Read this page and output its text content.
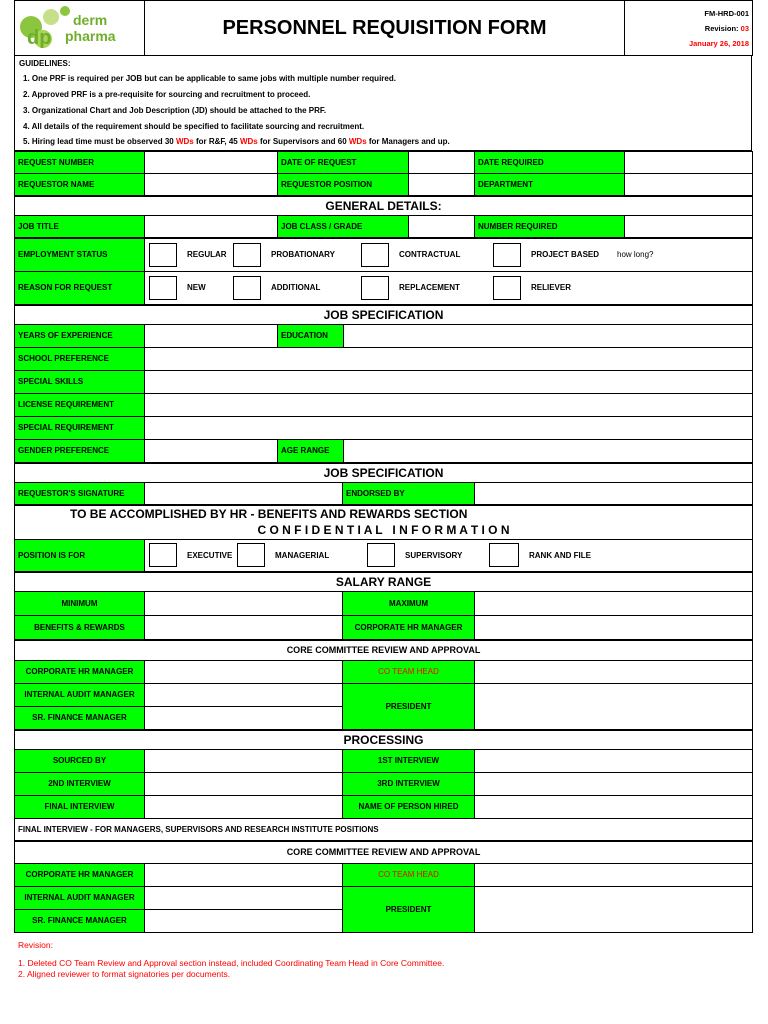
dp
derm
pharma	PERSONNEL REQUISITION FORM	
FM-HRD-001
Revision: 03
January 26, 2018
GUIDELINES:
1. One PRF is required per JOB but can be applicable to same jobs with multiple number required.
2. Approved PRF is a pre-requisite for sourcing and recruitment to proceed.
3. Organizational Chart and Job Description (JD) should be attached to the PRF.
4. All details of the requirement should be specified to facilitate sourcing and recruitment.
5. Hiring lead time must be observed 30 WDs for R&F, 45 WDs for Supervisors and 60 WDs for Managers and up.
REQUEST NUMBER		DATE OF REQUEST		DATE REQUIRED	
REQUESTOR NAME		REQUESTOR POSITION		DEPARTMENT	
GENERAL DETAILS:
JOB TITLE		JOB CLASS / GRADE		NUMBER REQUIRED	
EMPLOYMENT STATUS	REGULAR PROBATIONARY CONTRACTUAL PROJECT BASED how long?

REASON FOR REQUEST	NEW ADDITIONAL REPLACEMENT RELIEVER
JOB SPECIFICATION			
YEARS OF EXPERIENCE		EDUCATION	
SCHOOL PREFERENCE			
SPECIAL SKILLS			
LICENSE REQUIREMENT			
SPECIAL REQUIREMENT			
GENDER PREFERENCE		AGE RANGE	
JOB SPECIFICATION
REQUESTOR'S SIGNATURE		ENDORSED BY	
TO BE ACCOMPLISHED BY HR - BENEFITS AND REWARDS SECTION
C O N F I D E N T I A L   I N F O R M A T I O N

POSITION IS FOR	EXECUTIVE	MANAGERIAL	SUPERVISORY	RANK AND FILE
SALARY RANGE			
MINIMUM		MAXIMUM	
BENEFITS & REWARDS		CORPORATE HR MANAGER	
CORE COMMITTEE REVIEW AND APPROVAL			
CORPORATE HR MANAGER		CO TEAM HEAD	
INTERNAL AUDIT MANAGER		PRESIDENT	
SR. FINANCE MANAGER			
PROCESSING			
SOURCED BY		1ST INTERVIEW	
2ND INTERVIEW		3RD INTERVIEW	
FINAL INTERVIEW		NAME OF PERSON HIRED	
FINAL INTERVIEW - FOR MANAGERS, SUPERVISORS AND RESEARCH INSTITUTE POSITIONS			
CORE COMMITTEE REVIEW AND APPROVAL			
CORPORATE HR MANAGER		CO TEAM HEAD	
INTERNAL AUDIT MANAGER		PRESIDENT	
SR. FINANCE MANAGER			
Revision:
1. Deleted CO Team Review and Approval section instead, included Coordinating Team Head in Core Committee.
2. Aligned reviewer to format signatories per documents.
